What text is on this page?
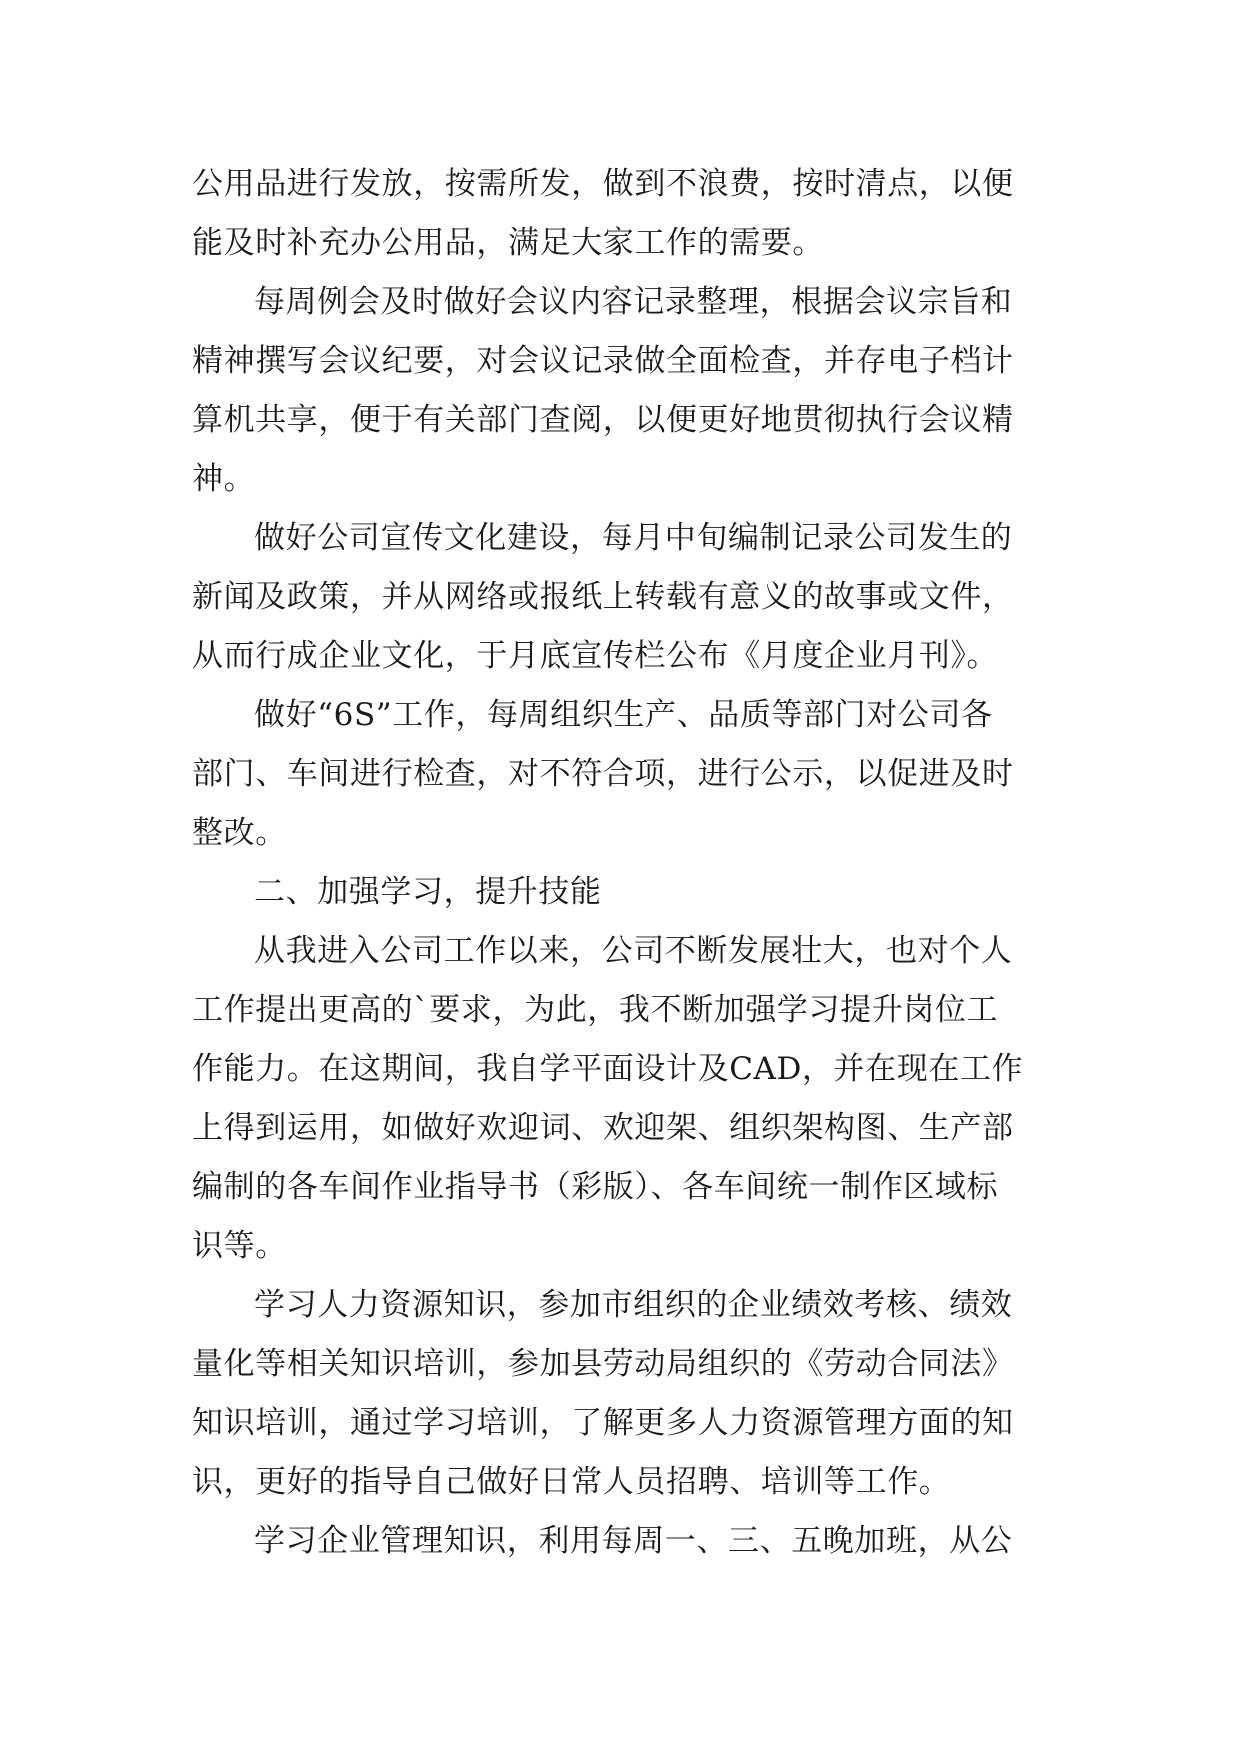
公用品进行发放，按需所发，做到不浪费，按时清点，以便
能及时补充办公用品，满足大家工作的需要。
每周例会及时做好会议内容记录整理，根据会议宗旨和
精神撰写会议纪要，对会议记录做全面检查，并存电子档计
算机共享，便于有关部门查阅，以便更好地贯彻执行会议精
神。
做好公司宣传文化建设，每月中旬编制记录公司发生的
新闻及政策，并从网络或报纸上转载有意义的故事或文件，
从而行成企业文化，于月底宣传栏公布《月度企业月刊》。
做好“6S”工作，每周组织生产、品质等部门对公司各
部门、车间进行检查，对不符合项，进行公示，以促进及时
整改。
二、加强学习，提升技能
从我进入公司工作以来，公司不断发展壮大，也对个人
工作提出更高的`要求，为此，我不断加强学习提升岗位工
作能力。在这期间，我自学平面设计及CAD，并在现在工作
上得到运用，如做好欢迎词、欢迎架、组织架构图、生产部
编制的各车间作业指导书（彩版）、各车间统一制作区域标
识等。
学习人力资源知识，参加市组织的企业绩效考核、绩效
量化等相关知识培训，参加县劳动局组织的《劳动合同法》
知识培训，通过学习培训，了解更多人力资源管理方面的知
识，更好的指导自己做好日常人员招聘、培训等工作。
学习企业管理知识，利用每周一、三、五晚加班，从公
